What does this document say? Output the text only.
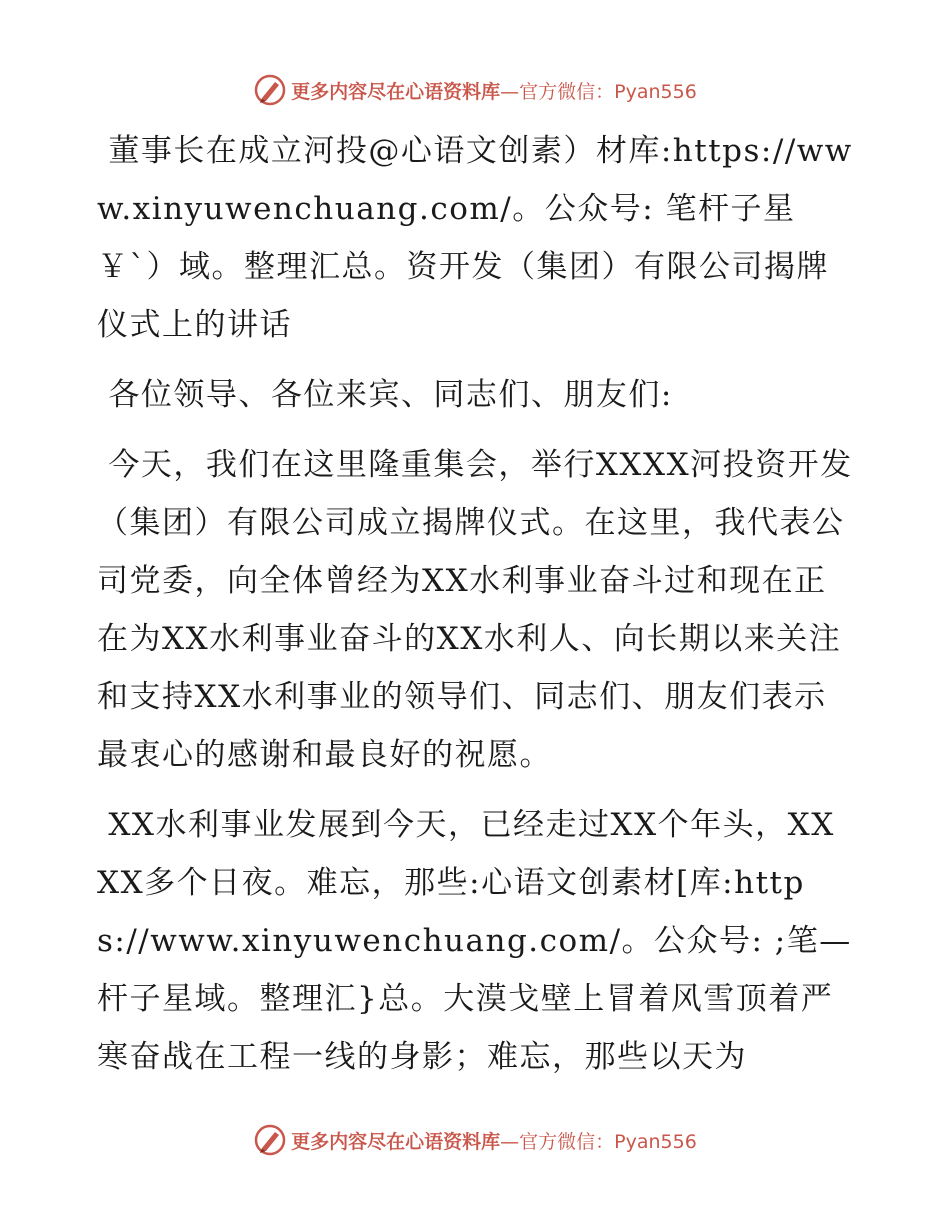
更多内容尽在心语资料库—官方微信：Pyan556

董事长在成立河投@心语文创素）材库:https://www.xinyuwenchuang.com/。公众号: 笔杆子星￥`）域。整理汇总。资开发（集团）有限公司揭牌仪式上的讲话

各位领导、各位来宾、同志们、朋友们:

今天，我们在这里隆重集会，举行XXXX河投资开发（集团）有限公司成立揭牌仪式。在这里，我代表公司党委，向全体曾经为XX水利事业奋斗过和现在正在为XX水利事业奋斗的XX水利人、向长期以来关注和支持XX水利事业的领导们、同志们、朋友们表示最衷心的感谢和最良好的祝愿。

XX水利事业发展到今天，已经走过XX个年头，XXXX多个日夜。难忘，那些:心语文创素材[库:https://www.xinyuwenchuang.com/。公众号: ;笔—杆子星域。整理汇}总。大漠戈壁上冒着风雪顶着严寒奋战在工程一线的身影；难忘，那些以天为

更多内容尽在心语资料库—官方微信：Pyan556
